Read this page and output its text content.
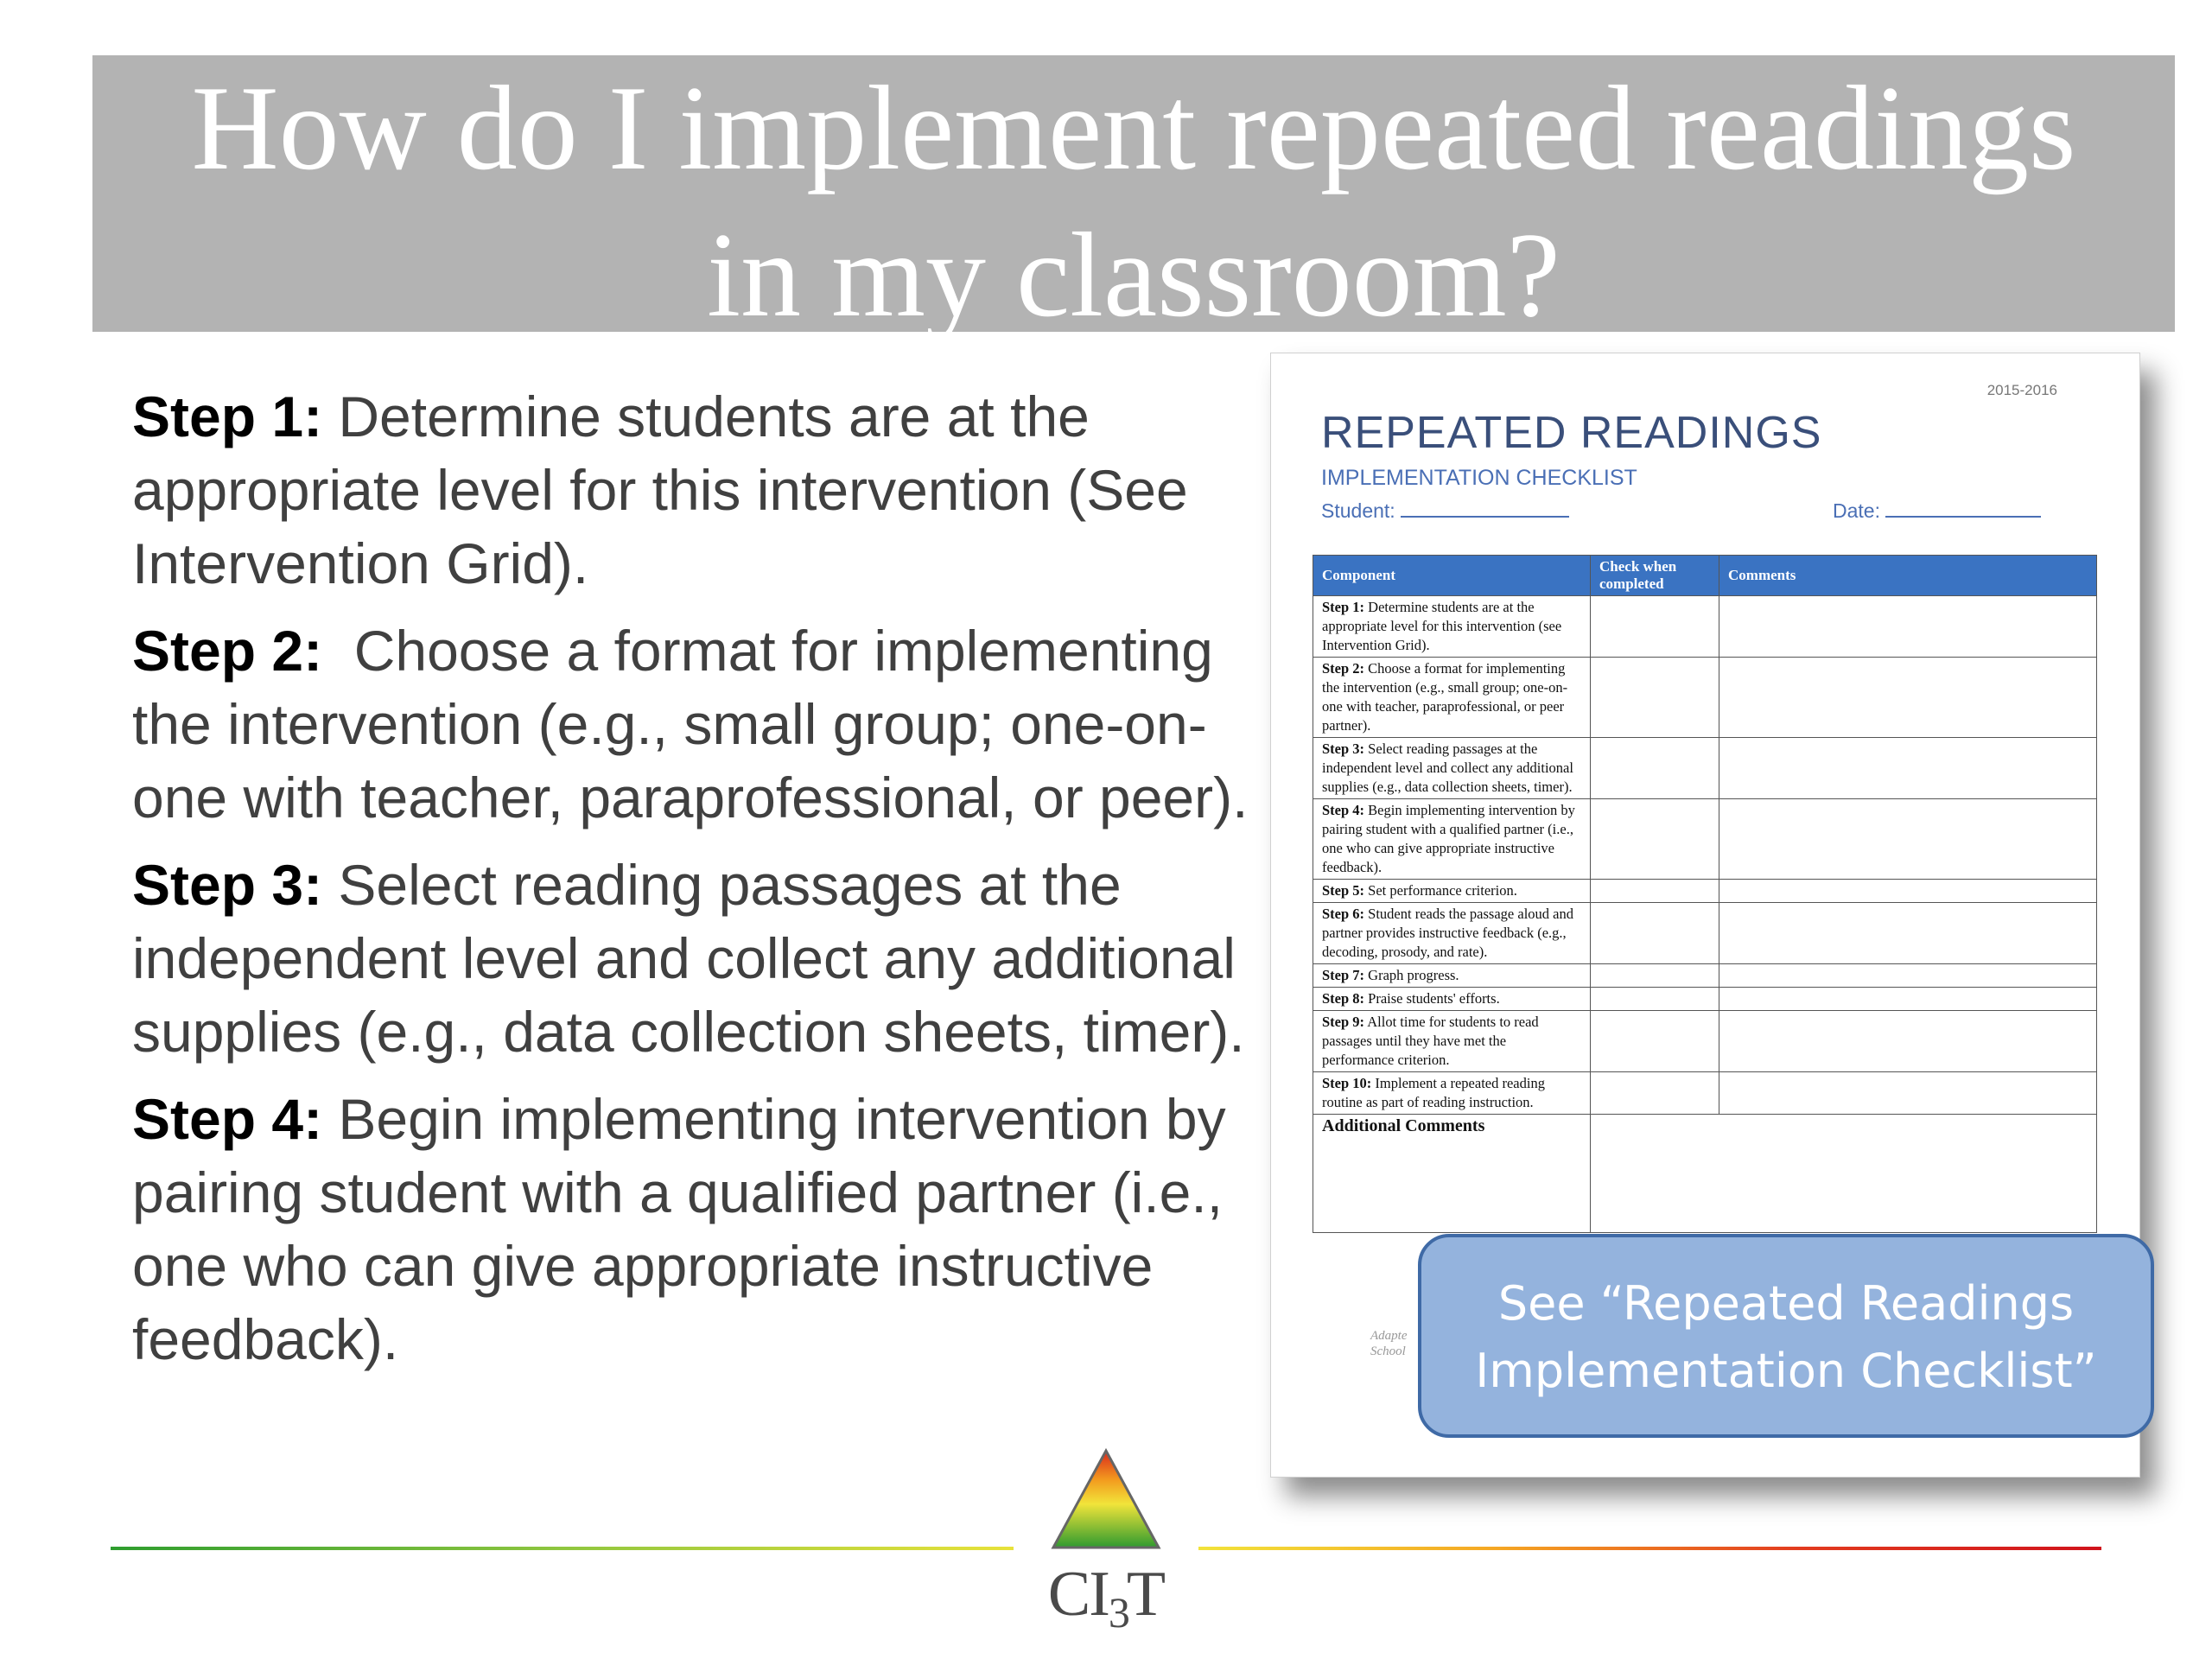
How do I implement repeated readings
in my classroom?

Step 1: Determine students are at the appropriate level for this intervention (See Intervention Grid).

Step 2:  Choose a format for implementing the intervention (e.g., small group; one-on-one with teacher, paraprofessional, or peer).

Step 3: Select reading passages at the independent level and collect any additional supplies (e.g., data collection sheets, timer).

Step 4: Begin implementing intervention by pairing student with a qualified partner (i.e., one who can give appropriate instructive feedback).

2015-2016
REPEATED READINGS
IMPLEMENTATION CHECKLIST
Student:	Date:
Component	Check when completed	Comments
Step 1: Determine students are at the appropriate level for this intervention (see Intervention Grid).		
Step 2: Choose a format for implementing the intervention (e.g., small group; one-on-one with teacher, paraprofessional, or peer partner).		
Step 3: Select reading passages at the independent level and collect any additional supplies (e.g., data collection sheets, timer).		
Step 4: Begin implementing intervention by pairing student with a qualified partner (i.e., one who can give appropriate instructive feedback).		
Step 5: Set performance criterion.		
Step 6: Student reads the passage aloud and partner provides instructive feedback (e.g., decoding, prosody, and rate).		
Step 7: Graph progress.		
Step 8: Praise students' efforts.		
Step 9: Allot time for students to read passages until they have met the performance criterion.		
Step 10: Implement a repeated reading routine as part of reading instruction.		
Additional Comments		
Adapte
School
See “Repeated Readings
Implementation Checklist”
$CI_3T$
